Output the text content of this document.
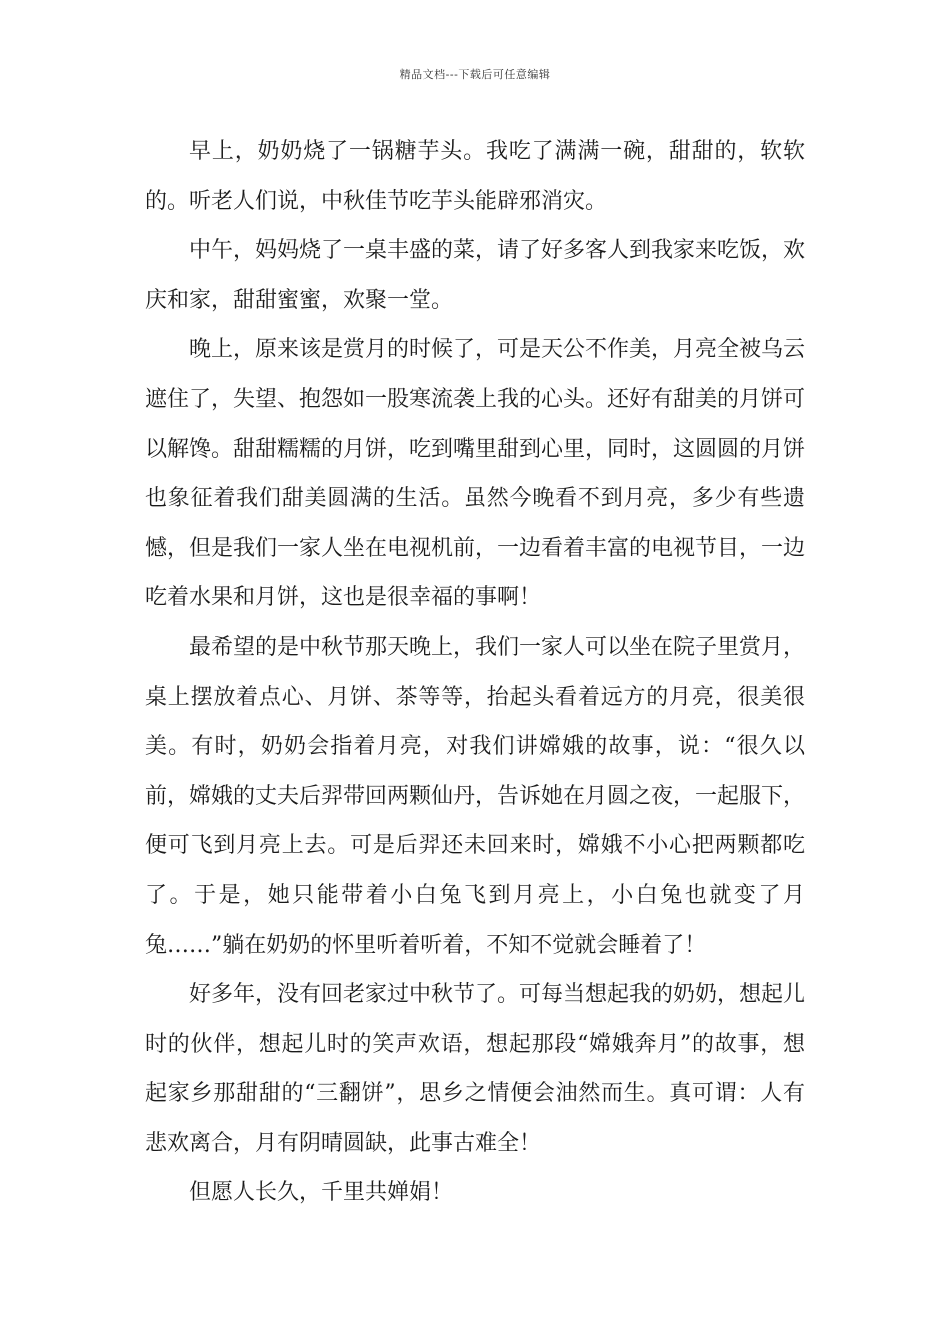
精品文档---下载后可任意编辑

早上，奶奶烧了一锅糖芋头。我吃了满满一碗，甜甜的，软软的。听老人们说，中秋佳节吃芋头能辟邪消灾。

中午，妈妈烧了一桌丰盛的菜，请了好多客人到我家来吃饭，欢庆和家，甜甜蜜蜜，欢聚一堂。

晚上，原来该是赏月的时候了，可是天公不作美，月亮全被乌云遮住了，失望、抱怨如一股寒流袭上我的心头。还好有甜美的月饼可以解馋。甜甜糯糯的月饼，吃到嘴里甜到心里，同时，这圆圆的月饼也象征着我们甜美圆满的生活。虽然今晚看不到月亮，多少有些遗憾，但是我们一家人坐在电视机前，一边看着丰富的电视节目，一边吃着水果和月饼，这也是很幸福的事啊！

最希望的是中秋节那天晚上，我们一家人可以坐在院子里赏月，桌上摆放着点心、月饼、茶等等，抬起头看着远方的月亮，很美很美。有时，奶奶会指着月亮，对我们讲嫦娥的故事，说：“很久以前，嫦娥的丈夫后羿带回两颗仙丹，告诉她在月圆之夜，一起服下，便可飞到月亮上去。可是后羿还未回来时，嫦娥不小心把两颗都吃了。于是，她只能带着小白兔飞到月亮上，小白兔也就变了月兔……”躺在奶奶的怀里听着听着，不知不觉就会睡着了！

好多年，没有回老家过中秋节了。可每当想起我的奶奶，想起儿时的伙伴，想起儿时的笑声欢语，想起那段“嫦娥奔月”的故事，想起家乡那甜甜的“三翻饼”，思乡之情便会油然而生。真可谓：人有悲欢离合，月有阴晴圆缺，此事古难全！

但愿人长久，千里共婵娟！
